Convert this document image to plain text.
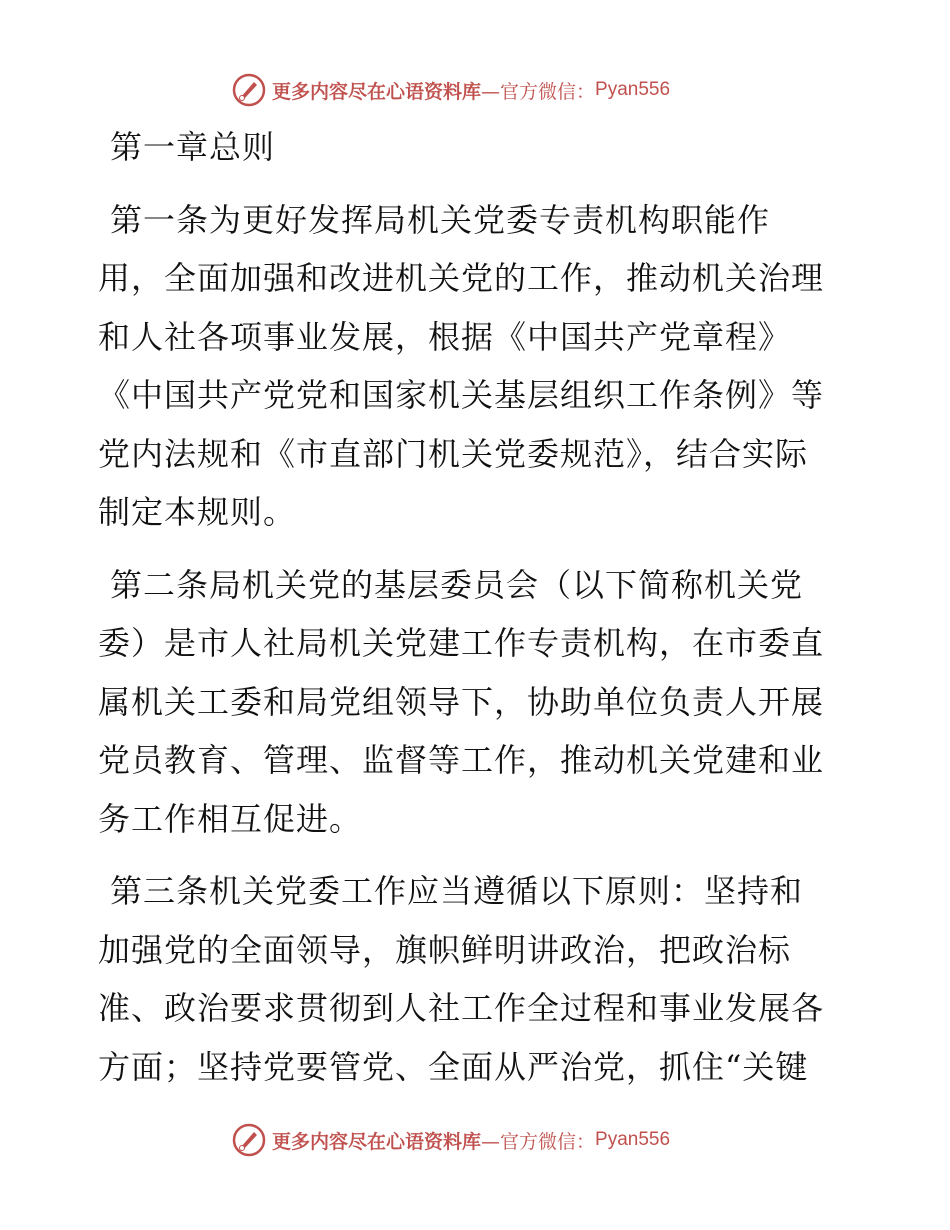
更多内容尽在心语资料库 —官方微信： Pyan556
第一章总则
第一条为更好发挥局机关党委专责机构职能作
用，全面加强和改进机关党的工作，推动机关治理
和人社各项事业发展，根据《中国共产党章程》
《中国共产党党和国家机关基层组织工作条例》等
党内法规和《市直部门机关党委规范》，结合实际
制定本规则。
第二条局机关党的基层委员会（以下简称机关党
委）是市人社局机关党建工作专责机构，在市委直
属机关工委和局党组领导下，协助单位负责人开展
党员教育、管理、监督等工作，推动机关党建和业
务工作相互促进。
第三条机关党委工作应当遵循以下原则：坚持和
加强党的全面领导，旗帜鲜明讲政治，把政治标
准、政治要求贯彻到人社工作全过程和事业发展各
方面；坚持党要管党、全面从严治党，抓住“关键
更多内容尽在心语资料库 —官方微信： Pyan556
